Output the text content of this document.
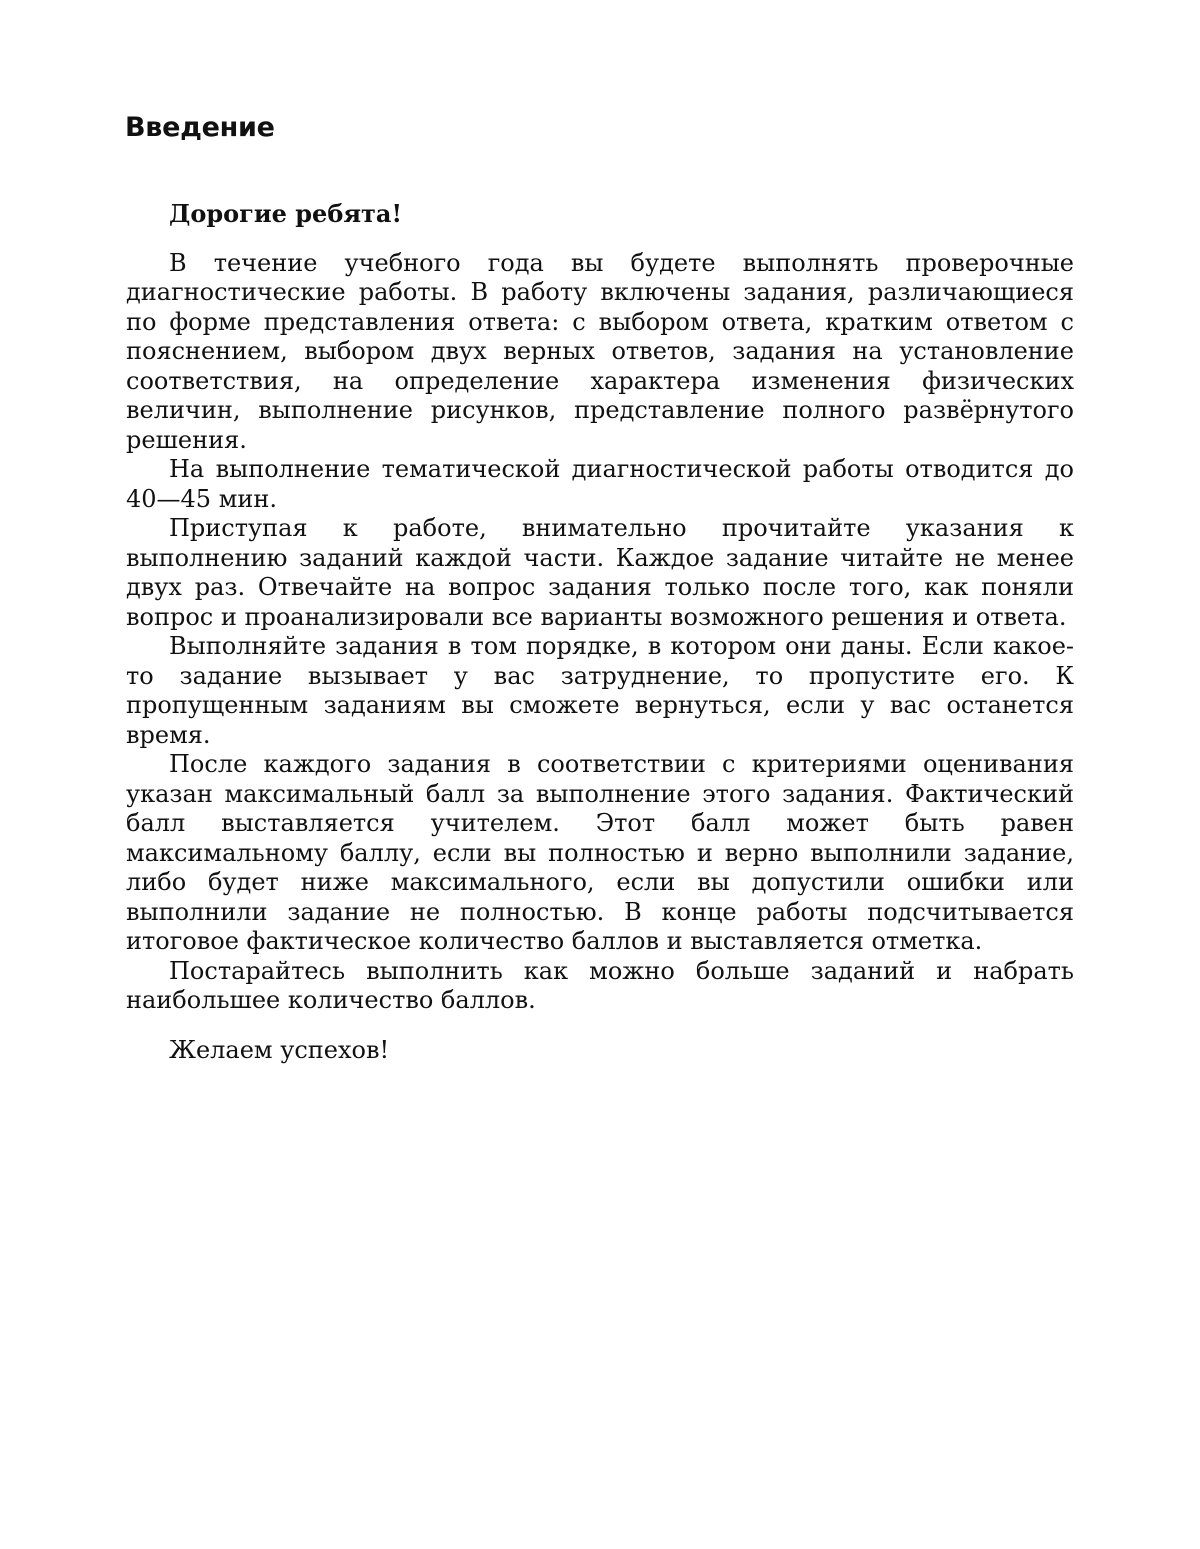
Введение

Дорогие ребята!

В течение учебного года вы будете выполнять проверочные диагностические работы. В работу включены задания, различающиеся по форме представления ответа: с выбором ответа, кратким ответом с пояснением, выбором двух верных ответов, задания на установление соответствия, на определение характера изменения физических величин, выполнение рисунков, представление полного развёрнутого решения.

На выполнение тематической диагностической работы отводится до 40—45 мин.

Приступая к работе, внимательно прочитайте указания к выполнению заданий каждой части. Каждое задание читайте не менее двух раз. Отвечайте на вопрос задания только после того, как поняли вопрос и проанализировали все варианты возможного решения и ответа.

Выполняйте задания в том порядке, в котором они даны. Если какое-то задание вызывает у вас затруднение, то пропустите его. К пропущенным заданиям вы сможете вернуться, если у вас останется время.

После каждого задания в соответствии с критериями оценивания указан максимальный балл за выполнение этого задания. Фактический балл выставляется учителем. Этот балл может быть равен максимальному баллу, если вы полностью и верно выполнили задание, либо будет ниже максимального, если вы допустили ошибки или выполнили задание не полностью. В конце работы подсчитывается итоговое фактическое количество баллов и выставляется отметка.

Постарайтесь выполнить как можно больше заданий и набрать наибольшее количество баллов.

Желаем успехов!
